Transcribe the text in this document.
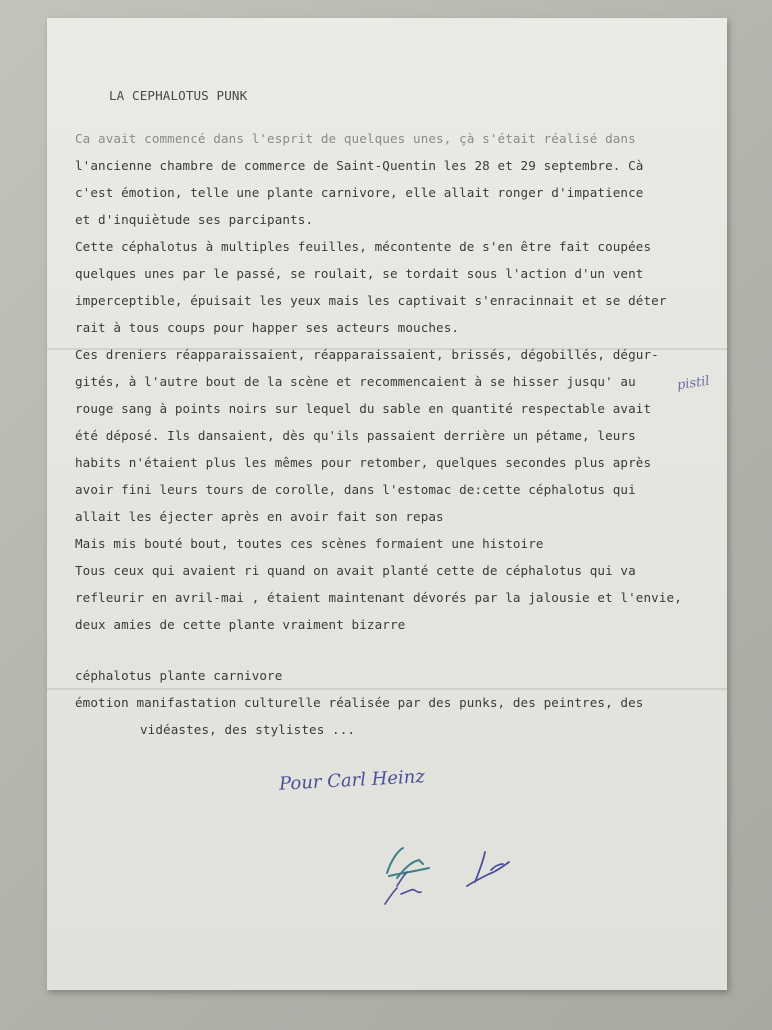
LA CEPHALOTUS PUNK
Ca avait commencé dans l'esprit de quelques unes, çà s'était réalisé dans
l'ancienne chambre de commerce de Saint-Quentin les 28 et 29 septembre. Cà
c'est émotion, telle une plante carnivore, elle allait ronger d'impatience
et d'inquiètude ses parcipants.
Cette céphalotus à multiples feuilles, mécontente de s'en être fait coupées
quelques unes par le passé, se roulait, se tordait sous l'action d'un vent
imperceptible, épuisait les yeux mais les captivait s'enracinnait et se déter
rait à tous coups pour happer ses acteurs mouches.
Ces dreniers réapparaissaient, réapparaissaient, brissés, dégobillés, dégur-
gités, à l'autre bout de la scène et recommencaient à se hisser jusqu' au
rouge sang à points noirs sur lequel du sable en quantité respectable avait
été déposé. Ils dansaient, dès qu'ils passaient derrière un pétame, leurs
habits n'étaient plus les mêmes pour retomber, quelques secondes plus après
avoir fini leurs tours de corolle, dans l'estomac de:cette céphalotus qui
allait les éjecter après en avoir fait son repas
Mais mis bouté bout, toutes ces scènes formaient une histoire
Tous ceux qui avaient ri quand on avait planté cette de céphalotus qui va
refleurir en avril-mai , étaient maintenant dévorés par la jalousie et l'envie,
deux amies de cette plante vraiment bizarre
céphalotus plante carnivore
émotion manifastation culturelle réalisée par des punks, des peintres, des
vidéastes, des stylistes ...
pistil
Pour Carl Heinz
